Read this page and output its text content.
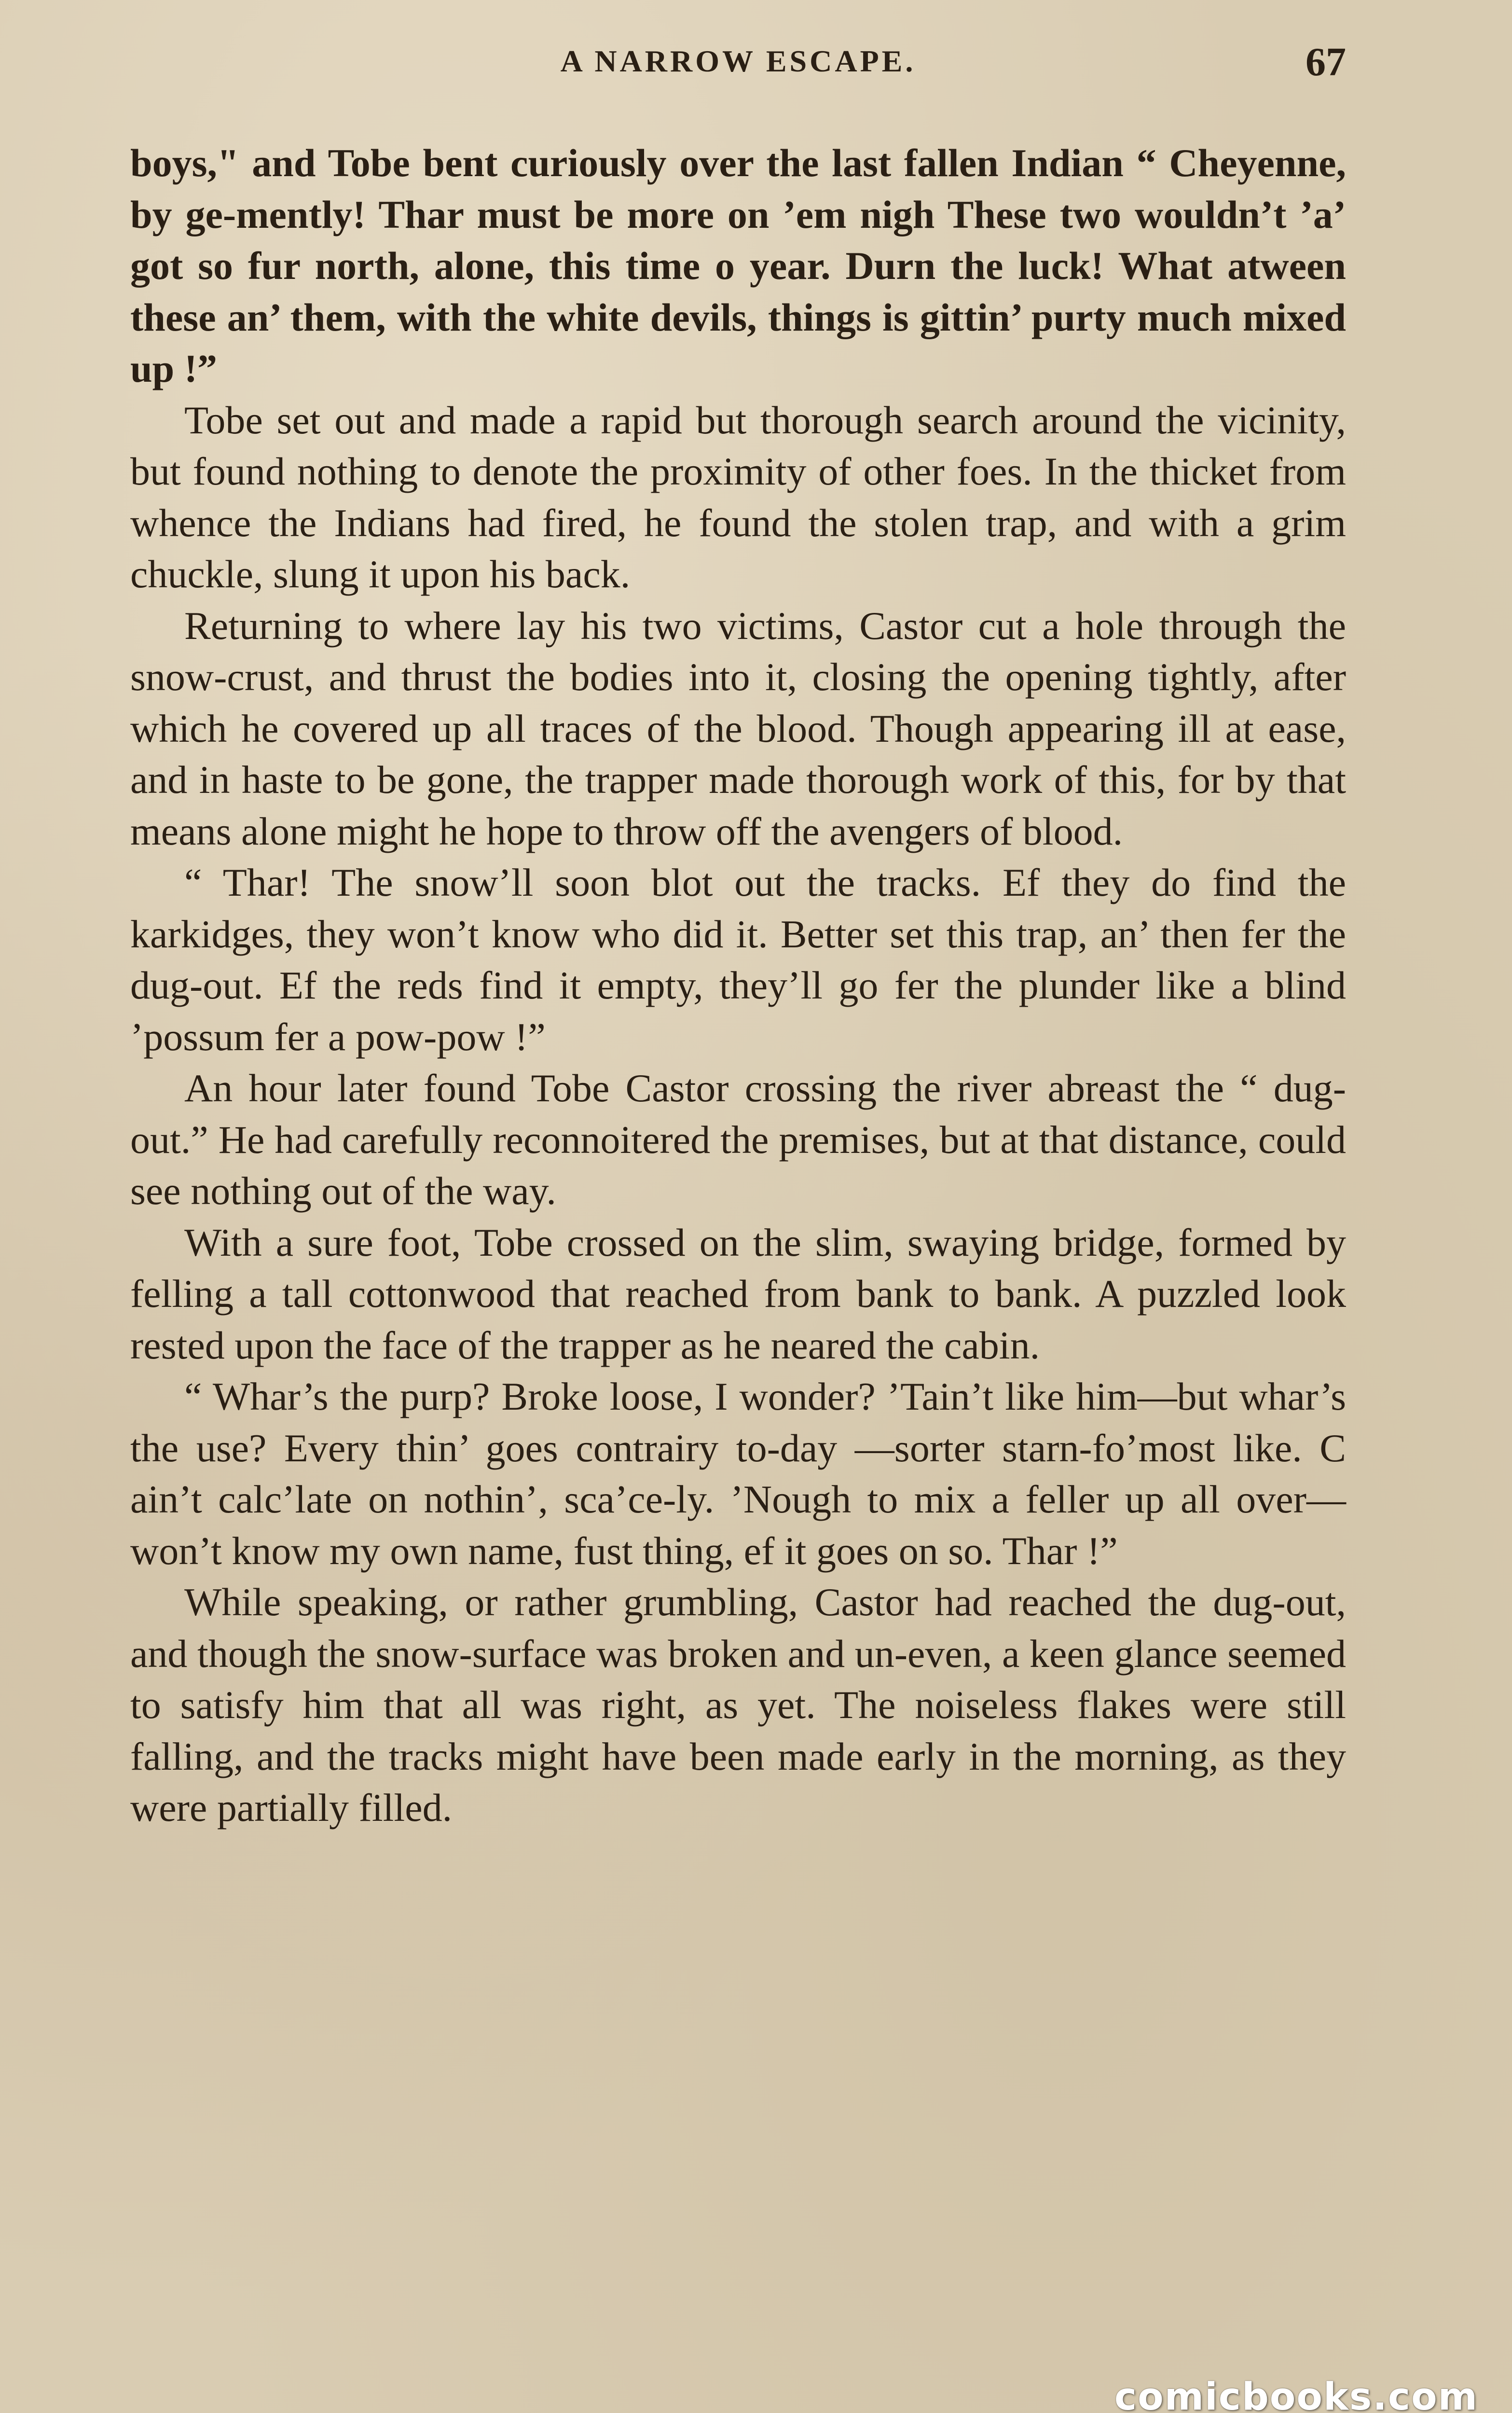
A NARROW ESCAPE.	67

boys," and Tobe bent curiously over the last fallen Indian “ Cheyenne, by ge-mently! Thar must be more on ’em nigh These two wouldn’t ’a’ got so fur north, alone, this time o year. Durn the luck! What atween these an’ them, with the white devils, things is gittin’ purty much mixed up !”

Tobe set out and made a rapid but thorough search around the vicinity, but found nothing to denote the proximity of other foes. In the thicket from whence the Indians had fired, he found the stolen trap, and with a grim chuckle, slung it upon his back.

Returning to where lay his two victims, Castor cut a hole through the snow-crust, and thrust the bodies into it, closing the opening tightly, after which he covered up all traces of the blood. Though appearing ill at ease, and in haste to be gone, the trapper made thorough work of this, for by that means alone might he hope to throw off the avengers of blood.

“ Thar! The snow’ll soon blot out the tracks. Ef they do find the karkidges, they won’t know who did it. Better set this trap, an’ then fer the dug-out. Ef the reds find it empty, they’ll go fer the plunder like a blind ’possum fer a pow-pow !”

An hour later found Tobe Castor crossing the river abreast the “ dug-out.” He had carefully reconnoitered the premises, but at that distance, could see nothing out of the way.

With a sure foot, Tobe crossed on the slim, swaying bridge, formed by felling a tall cottonwood that reached from bank to bank. A puzzled look rested upon the face of the trapper as he neared the cabin.

“ Whar’s the purp? Broke loose, I wonder? ’Tain’t like him—but whar’s the use? Every thin’ goes contrairy to-day —sorter starn-fo’most like. C ain’t calc’late on nothin’, sca’ce-ly. ’Nough to mix a feller up all over—won’t know my own name, fust thing, ef it goes on so. Thar !”

While speaking, or rather grumbling, Castor had reached the dug-out, and though the snow-surface was broken and un-even, a keen glance seemed to satisfy him that all was right, as yet. The noiseless flakes were still falling, and the tracks might have been made early in the morning, as they were partially filled.

comicbooks.com
